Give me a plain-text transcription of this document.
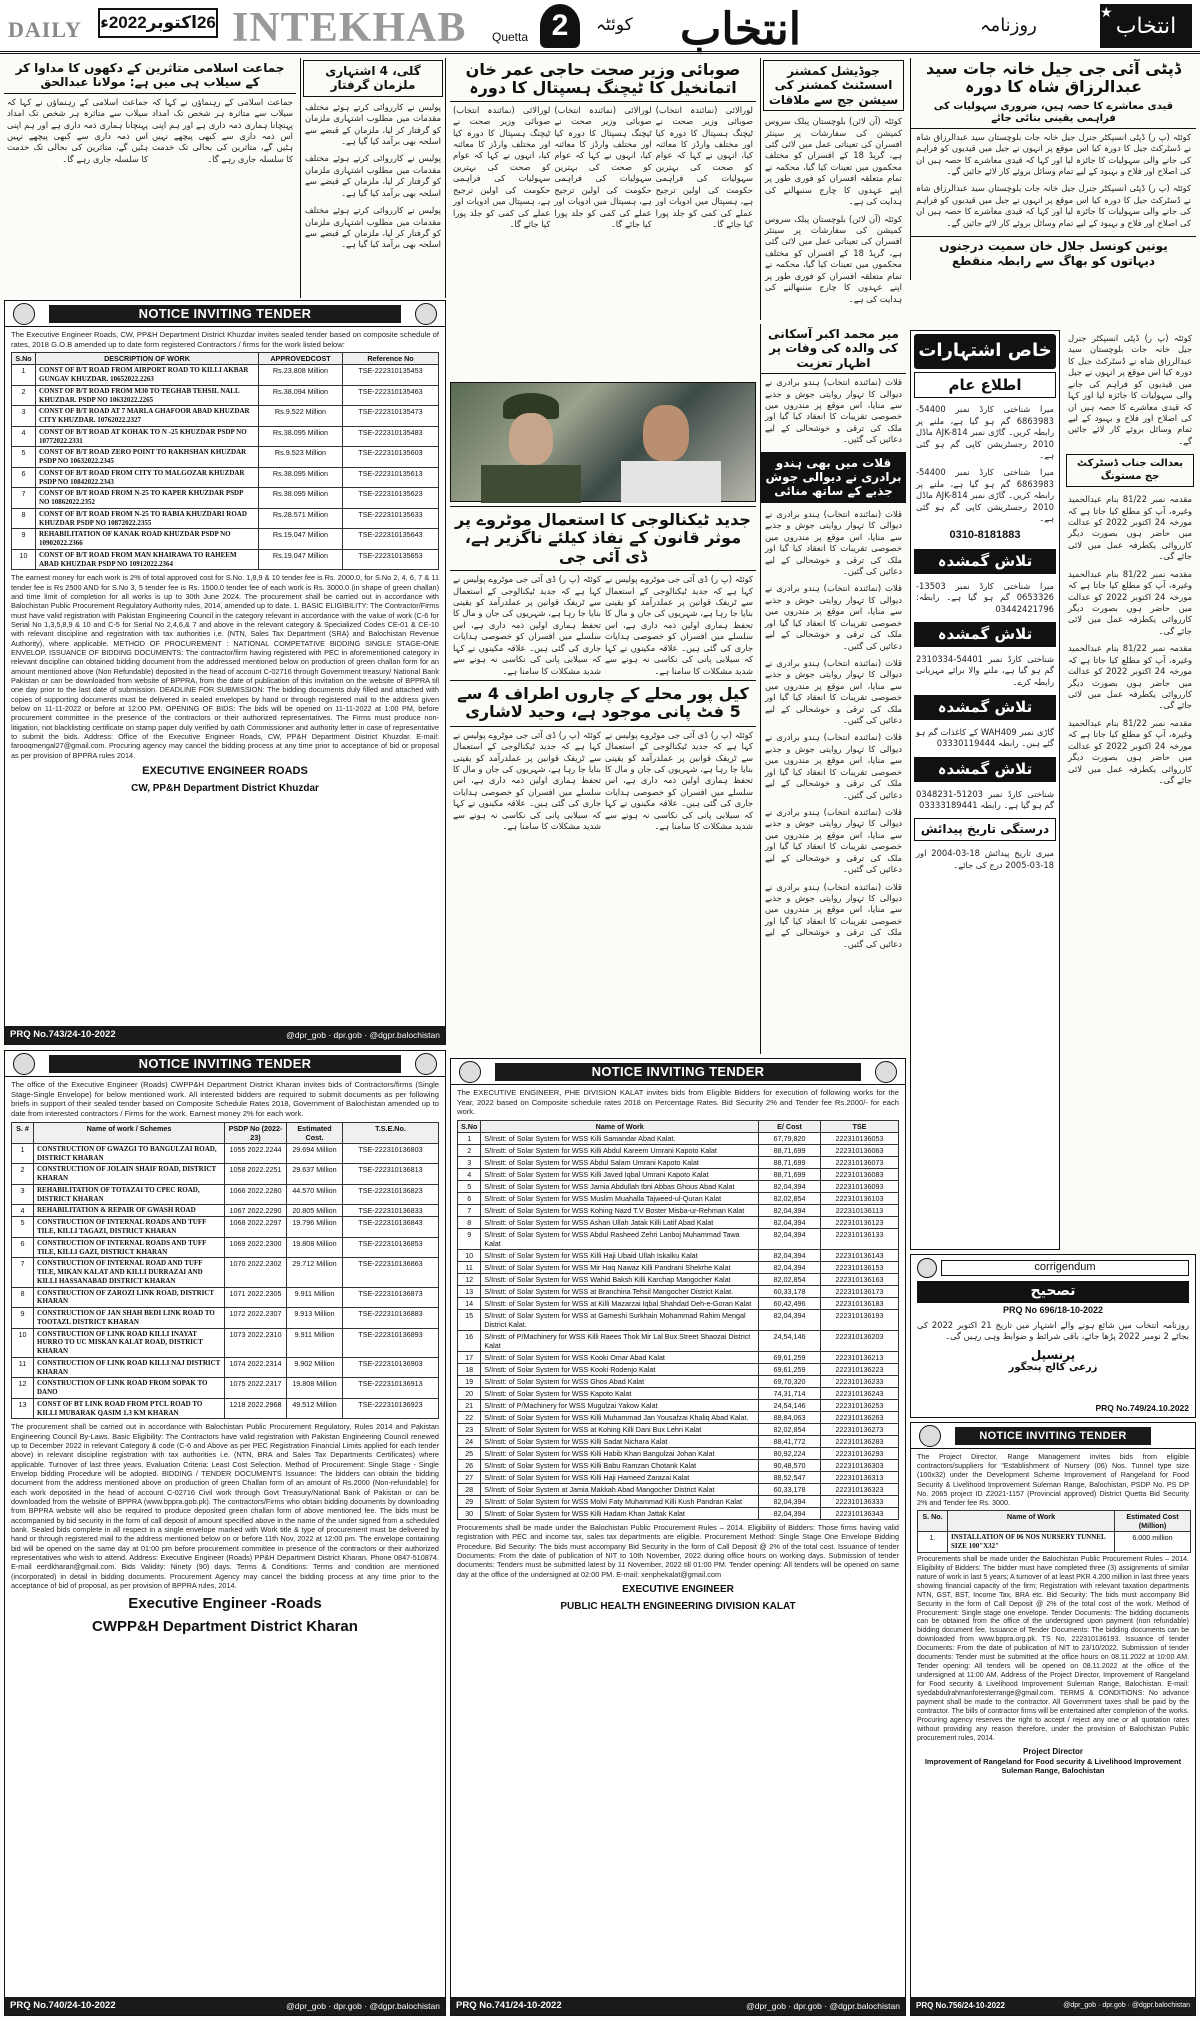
DAILY 26اکتوبر2022ء INTEKHAB Quetta 2	کوئٹہ انتخاب	روزنامہ	انتخاب
★
ڈپٹی آئی جی جیل خانہ جات سید عبدالرزاق شاہ کا دورہ
قیدی معاشرے کا حصہ ہیں، ضروری سہولیات کی فراہمی یقینی بنائی جائے
کوئٹہ (پ ر) ڈپٹی انسپکٹر جنرل جیل خانہ جات بلوچستان سید عبدالرزاق شاہ نے ڈسٹرکٹ جیل کا دورہ کیا اس موقع پر انہوں نے جیل میں قیدیوں کو فراہم کی جانے والی سہولیات کا جائزہ لیا اور کہا کہ قیدی معاشرے کا حصہ ہیں ان کی اصلاح اور فلاح و بہبود کے لیے تمام وسائل بروئے کار لائے جائیں گے۔
کوئٹہ (پ ر) ڈپٹی انسپکٹر جنرل جیل خانہ جات بلوچستان سید عبدالرزاق شاہ نے ڈسٹرکٹ جیل کا دورہ کیا اس موقع پر انہوں نے جیل میں قیدیوں کو فراہم کی جانے والی سہولیات کا جائزہ لیا اور کہا کہ قیدی معاشرے کا حصہ ہیں ان کی اصلاح اور فلاح و بہبود کے لیے تمام وسائل بروئے کار لائے جائیں گے۔
یونین کونسل جلال خان سمیت درجنوں دیہاتوں کو بھاگ سے رابطہ منقطع
جوڈیشل کمشنر اسسٹنٹ کمشنر کی سیشن جج سے ملاقات
کوئٹہ (آن لائن) بلوچستان پبلک سروس کمیشن کی سفارشات پر سینئر افسران کی تعیناتی عمل میں لائی گئی ہے، گریڈ 18 کے افسران کو مختلف محکموں میں تعینات کیا گیا، محکمہ نے تمام متعلقہ افسران کو فوری طور پر اپنے عہدوں کا چارج سنبھالنے کی ہدایت کی ہے۔
کوئٹہ (آن لائن) بلوچستان پبلک سروس کمیشن کی سفارشات پر سینئر افسران کی تعیناتی عمل میں لائی گئی ہے، گریڈ 18 کے افسران کو مختلف محکموں میں تعینات کیا گیا، محکمہ نے تمام متعلقہ افسران کو فوری طور پر اپنے عہدوں کا چارج سنبھالنے کی ہدایت کی ہے۔
صوبائی وزیر صحت حاجی عمر خان اتمانخیل کا ٹیچنگ ہسپتال کا دورہ
لورالائی (نمائندہ انتخاب) صوبائی وزیر صحت نے ٹیچنگ ہسپتال کا دورہ کیا اور مختلف وارڈز کا معائنہ کیا، انہوں نے کہا کہ عوام کو صحت کی بہترین سہولیات کی فراہمی حکومت کی اولین ترجیح ہے، ہسپتال میں ادویات اور عملے کی کمی کو جلد پورا کیا جائے گا۔
لورالائی (نمائندہ انتخاب) صوبائی وزیر صحت نے ٹیچنگ ہسپتال کا دورہ کیا اور مختلف وارڈز کا معائنہ کیا، انہوں نے کہا کہ عوام کو صحت کی بہترین سہولیات کی فراہمی حکومت کی اولین ترجیح ہے، ہسپتال میں ادویات اور عملے کی کمی کو جلد پورا کیا جائے گا۔
لورالائی (نمائندہ انتخاب) صوبائی وزیر صحت نے ٹیچنگ ہسپتال کا دورہ کیا اور مختلف وارڈز کا معائنہ کیا، انہوں نے کہا کہ عوام کو صحت کی بہترین سہولیات کی فراہمی حکومت کی اولین ترجیح ہے، ہسپتال میں ادویات اور عملے کی کمی کو جلد پورا کیا جائے گا۔
گلی، 4 اشتہاری ملزمان گرفتار
پولیس نے کارروائی کرتے ہوئے مختلف مقدمات میں مطلوب اشتہاری ملزمان کو گرفتار کر لیا، ملزمان کے قبضے سے اسلحہ بھی برآمد کیا گیا ہے۔
پولیس نے کارروائی کرتے ہوئے مختلف مقدمات میں مطلوب اشتہاری ملزمان کو گرفتار کر لیا، ملزمان کے قبضے سے اسلحہ بھی برآمد کیا گیا ہے۔
پولیس نے کارروائی کرتے ہوئے مختلف مقدمات میں مطلوب اشتہاری ملزمان کو گرفتار کر لیا، ملزمان کے قبضے سے اسلحہ بھی برآمد کیا گیا ہے۔
جماعت اسلامی متاثرین کے دکھوں کا مداوا کر کے سیلاب ہی میں ہے: مولانا عبدالحق
جماعت اسلامی کے رہنماؤں نے کہا کہ سیلاب سے متاثرہ ہر شخص تک امداد پہنچانا ہماری ذمہ داری ہے اور ہم اپنی اس ذمہ داری سے کبھی پیچھے نہیں ہٹیں گے، متاثرین کی بحالی تک خدمت کا سلسلہ جاری رہے گا۔
جماعت اسلامی کے رہنماؤں نے کہا کہ سیلاب سے متاثرہ ہر شخص تک امداد پہنچانا ہماری ذمہ داری ہے اور ہم اپنی اس ذمہ داری سے کبھی پیچھے نہیں ہٹیں گے، متاثرین کی بحالی تک خدمت کا سلسلہ جاری رہے گا۔
NOTICE INVITING TENDER
The Executive Engineer Roads, CW, PP&H Department District Khuzdar invites sealed tender based on composite schedule of rates, 2018 G.O.B amended up to date form registered Contractors / firms for the work listed below:
S.No	DESCRIPTION OF WORK	APPROVEDCOST	Reference No
1	CONST OF B/T ROAD FROM AIRPORT ROAD TO KILLI AKBAR GUNGAV KHUZDAR. 10652022.2263	Rs.23.808 Million	TSE-222310135453
2	CONST OF B/T ROAD FROM M30 TO TEGHAB TEHSIL NALL KHUZDAR. PSDP NO 10632022.2265	Rs.38.094 Million	TSE-222310135463
3	CONST OF B/T ROAD AT 7 MARLA GHAFOOR ABAD KHUZDAR CITY KHUZDAR. 10762022.2327	Rs.9.522 Million	TSE-222310135473
4	CONST OF B/T ROAD AT KOHAK TO N -25 KHUZDAR PSDP NO 10772022.2331	Rs.38.095 Million	TSE-222310135483
5	CONST OF B/T ROAD ZERO POINT TO RAKHSHAN KHUZDAR PSDP NO 10632022.2345	Rs.9.523 Million	TSE-222310135603
6	CONST OF B/T ROAD FROM CITY TO MALGOZAR KHUZDAR PSDP NO 10842022.2343	Rs.38.095 Million	TSE-222310135613
7	CONST OF B/T ROAD FROM N-25 TO KAPER KHUZDAR PSDP NO 10862022.2352	Rs.38.095 Million	TSE-222310135623
8	CONST OF B/T ROAD FROM N-25 TO RABIA KHUZDARI ROAD KHUZDAR PSDP NO 10872022.2355	Rs.28.571 Million	TSE-222310135633
9	REHABILITATION OF KANAK ROAD KHUZDAR PSDP NO 10902022.2366	Rs.19.047 Million	TSE-222310135643
10	CONST OF B/T ROAD FROM MAN KHAIRAWA TO RAHEEM ABAD KHUZDAR PSDP NO 10912022.2364	Rs.19.047 Million	TSE-222310135653
The earnest money for each work is 2% of total approved cost for S.No. 1,8,9 & 10 tender fee is Rs. 2000.0, for S.No 2, 4, 6, 7 & 11 tender fee is Rs 2500 AND for S.No 3, 5 tender fee is Rs. 1500.0 tender fee of each work is Rs. 3000.0 (in shape of green challan) and time limit of completion for all works is up to 30th June 2024. The procurement shall be carried out in accordance with Balochistan Public Procurement Regulatory Authority rules, 2014, amended up to date. 1. BASIC ELIGIBILITY: The Contractor/Firms must have valid registration with Pakistan Engineering Council in the category relevant in accordance with the value of work (C-6 for Serial No 1,3,5,8,9 & 10 and C-5 for Serial No 2,4,6,& 7 and above in the relevant category & Specialized Codes CE-01 & CE-10 with relevant discipline and registration with tax authorities i.e. (NTN, Sales Tax Department (SRA) and Balochistan Revenue Authority), where applicable. METHOD OF PROCUREMENT : NATIONAL COMPETATIVE BIDDING SINGLE STAGE-ONE ENVELOP. ISSUANCE OF BIDDING DOCUMENTS: The contractor/firm having registered with PEC in aforementioned category in relevant discipline can obtained bidding document from the addressed mentioned below on production of green challan form for an amount mentioned above (Non Refundable) deposited in the head of account C-02716 through Government treasury/ National Bank Pakistan or can be downloaded from website of BPPRA, from the date of publication of this invitation on the website of BPPRA till one day prior to the last date of submission. DEADLINE FOR SUBMISSION: The bidding documents duly filled and attached with copies of supporting documents must be delivered in sealed envelopes by hand or through registered mail to the address given below on 11-11-2022 or before at 12:00 PM. OPENING OF BIDS: The bids will be opened on 11-11-2022 at 1:00 PM, before procurement committee in the presence of the contractors or their authorized representatives. The Firms must produce non-litigation, not blacklisting certificate on stamp paper duly verified by oath Commissioner and authority letter in case of representative to submit the bids. Address: Office of the Executive Engineer Roads, CW, PP&H Department District Khuzdar. E-mail: farooqmengal27@gmail.com. Procuring agency may cancel the bidding process at any time prior to acceptance of bid or proposal as per provision of BPPRA rules 2014.
EXECUTIVE ENGINEER ROADS
CW, PP&H Department District Khuzdar
PRQ No.743/24-10-2022	@dpr_gob · dpr.gob · @dgpr.balochistan
جدید ٹیکنالوجی کا استعمال موٹروے پر موثر قانون کے نفاذ کیلئے ناگزیر ہے، ڈی آئی جی
کوئٹہ (پ ر) ڈی آئی جی موٹروے پولیس نے کہا ہے کہ جدید ٹیکنالوجی کے استعمال سے ٹریفک قوانین پر عملدرآمد کو یقینی بنایا جا رہا ہے، شہریوں کی جان و مال کا تحفظ ہماری اولین ذمہ داری ہے، اس سلسلے میں افسران کو خصوصی ہدایات جاری کی گئی ہیں۔ علاقہ مکینوں نے کہا کہ سیلابی پانی کی نکاسی نہ ہونے سے شدید مشکلات کا سامنا ہے۔
کوئٹہ (پ ر) ڈی آئی جی موٹروے پولیس نے کہا ہے کہ جدید ٹیکنالوجی کے استعمال سے ٹریفک قوانین پر عملدرآمد کو یقینی بنایا جا رہا ہے، شہریوں کی جان و مال کا تحفظ ہماری اولین ذمہ داری ہے، اس سلسلے میں افسران کو خصوصی ہدایات جاری کی گئی ہیں۔ علاقہ مکینوں نے کہا کہ سیلابی پانی کی نکاسی نہ ہونے سے شدید مشکلات کا سامنا ہے۔
کیل پور محلے کے چاروں اطراف 4 سے 5 فٹ پانی موجود ہے، وحید لاشاری
کوئٹہ (پ ر) ڈی آئی جی موٹروے پولیس نے کہا ہے کہ جدید ٹیکنالوجی کے استعمال سے ٹریفک قوانین پر عملدرآمد کو یقینی بنایا جا رہا ہے، شہریوں کی جان و مال کا تحفظ ہماری اولین ذمہ داری ہے، اس سلسلے میں افسران کو خصوصی ہدایات جاری کی گئی ہیں۔ علاقہ مکینوں نے کہا کہ سیلابی پانی کی نکاسی نہ ہونے سے شدید مشکلات کا سامنا ہے۔
کوئٹہ (پ ر) ڈی آئی جی موٹروے پولیس نے کہا ہے کہ جدید ٹیکنالوجی کے استعمال سے ٹریفک قوانین پر عملدرآمد کو یقینی بنایا جا رہا ہے، شہریوں کی جان و مال کا تحفظ ہماری اولین ذمہ داری ہے، اس سلسلے میں افسران کو خصوصی ہدایات جاری کی گئی ہیں۔ علاقہ مکینوں نے کہا کہ سیلابی پانی کی نکاسی نہ ہونے سے شدید مشکلات کا سامنا ہے۔
میر محمد اکبر آسکانی کی والدہ کی وفات پر اظہار تعزیت
قلات (نمائندہ انتخاب) ہندو برادری نے دیوالی کا تہوار روایتی جوش و جذبے سے منایا، اس موقع پر مندروں میں خصوصی تقریبات کا انعقاد کیا گیا اور ملک کی ترقی و خوشحالی کے لیے دعائیں کی گئیں۔
قلات میں بھی ہندو برادری نے دیوالی جوش جذبے کے ساتھ منائی
قلات (نمائندہ انتخاب) ہندو برادری نے دیوالی کا تہوار روایتی جوش و جذبے سے منایا، اس موقع پر مندروں میں خصوصی تقریبات کا انعقاد کیا گیا اور ملک کی ترقی و خوشحالی کے لیے دعائیں کی گئیں۔
قلات (نمائندہ انتخاب) ہندو برادری نے دیوالی کا تہوار روایتی جوش و جذبے سے منایا، اس موقع پر مندروں میں خصوصی تقریبات کا انعقاد کیا گیا اور ملک کی ترقی و خوشحالی کے لیے دعائیں کی گئیں۔
قلات (نمائندہ انتخاب) ہندو برادری نے دیوالی کا تہوار روایتی جوش و جذبے سے منایا، اس موقع پر مندروں میں خصوصی تقریبات کا انعقاد کیا گیا اور ملک کی ترقی و خوشحالی کے لیے دعائیں کی گئیں۔
قلات (نمائندہ انتخاب) ہندو برادری نے دیوالی کا تہوار روایتی جوش و جذبے سے منایا، اس موقع پر مندروں میں خصوصی تقریبات کا انعقاد کیا گیا اور ملک کی ترقی و خوشحالی کے لیے دعائیں کی گئیں۔
قلات (نمائندہ انتخاب) ہندو برادری نے دیوالی کا تہوار روایتی جوش و جذبے سے منایا، اس موقع پر مندروں میں خصوصی تقریبات کا انعقاد کیا گیا اور ملک کی ترقی و خوشحالی کے لیے دعائیں کی گئیں۔
قلات (نمائندہ انتخاب) ہندو برادری نے دیوالی کا تہوار روایتی جوش و جذبے سے منایا، اس موقع پر مندروں میں خصوصی تقریبات کا انعقاد کیا گیا اور ملک کی ترقی و خوشحالی کے لیے دعائیں کی گئیں۔
خاص اشتہارات
اطلاع عام
میرا شناختی کارڈ نمبر 54400-6863983 گم ہو گیا ہے، ملنے پر رابطہ کریں۔ گاڑی نمبر AJK-814 ماڈل 2010 رجسٹریشن کاپی گم ہو گئی ہے۔
میرا شناختی کارڈ نمبر 54400-6863983 گم ہو گیا ہے، ملنے پر رابطہ کریں۔ گاڑی نمبر AJK-814 ماڈل 2010 رجسٹریشن کاپی گم ہو گئی ہے۔
0310-8181883
تلاش گمشدہ
میرا شناختی کارڈ نمبر 13503-0653326 گم ہو گیا ہے۔ رابطہ: 03442421796
تلاش گمشدہ
شناختی کارڈ نمبر 54401-2310334 گم ہو گیا ہے، ملنے والا برائے مہربانی رابطہ کرے۔
تلاش گمشدہ
گاڑی نمبر WAH409 کے کاغذات گم ہو گئے ہیں۔ رابطہ 03330119444
تلاش گمشدہ
شناختی کارڈ نمبر 51203-0348231 گم ہو گیا ہے۔ رابطہ 03333189441
درستگی تاریخ پیدائش
میری تاریخ پیدائش 18-03-2004 اور 18-03-2005 درج کی جائے۔
کوئٹہ (پ ر) ڈپٹی انسپکٹر جنرل جیل خانہ جات بلوچستان سید عبدالرزاق شاہ نے ڈسٹرکٹ جیل کا دورہ کیا اس موقع پر انہوں نے جیل میں قیدیوں کو فراہم کی جانے والی سہولیات کا جائزہ لیا اور کہا کہ قیدی معاشرے کا حصہ ہیں ان کی اصلاح اور فلاح و بہبود کے لیے تمام وسائل بروئے کار لائے جائیں گے۔
بعدالت جناب ڈسٹرکٹ جج مستونگ
مقدمہ نمبر 81/22 بنام عبدالحمید وغیرہ، آپ کو مطلع کیا جاتا ہے کہ مورخہ 24 اکتوبر 2022 کو عدالت میں حاضر ہوں بصورت دیگر کارروائی یکطرفہ عمل میں لائی جائے گی۔
مقدمہ نمبر 81/22 بنام عبدالحمید وغیرہ، آپ کو مطلع کیا جاتا ہے کہ مورخہ 24 اکتوبر 2022 کو عدالت میں حاضر ہوں بصورت دیگر کارروائی یکطرفہ عمل میں لائی جائے گی۔
مقدمہ نمبر 81/22 بنام عبدالحمید وغیرہ، آپ کو مطلع کیا جاتا ہے کہ مورخہ 24 اکتوبر 2022 کو عدالت میں حاضر ہوں بصورت دیگر کارروائی یکطرفہ عمل میں لائی جائے گی۔
مقدمہ نمبر 81/22 بنام عبدالحمید وغیرہ، آپ کو مطلع کیا جاتا ہے کہ مورخہ 24 اکتوبر 2022 کو عدالت میں حاضر ہوں بصورت دیگر کارروائی یکطرفہ عمل میں لائی جائے گی۔
NOTICE INVITING TENDER
The office of the Executive Engineer (Roads) CWPP&H Department District Kharan invites bids of Contractors/firms (Single Stage-Single Envelope) for below mentioned work. All interested bidders are required to submit documents as per following briefs in support of their sealed tender based on Composite Schedule Rates 2018, Government of Balochistan amended up to date from interested contractors / Firms for the work. Earnest money 2% for each work.
S. #	Name of work / Schemes	PSDP No (2022-23)	Estimated Cost.	T.S.E.No.
1	CONSTRUCTION OF GWAZGI TO BANGULZAI ROAD, DISTRICT KHARAN	1055 2022.2244	29.694 Million	TSE-222310136803
2	CONSTRUCTION OF JOLAIN SHAIF ROAD, DISTRICT KHARAN	1058 2022.2251	29.637 Million	TSE-222310136813
3	REHABILITATION OF TOTAZAI TO CPEC ROAD, DISTRICT KHARAN	1066 2022.2280	44.570 Million	TSE-222310136823
4	REHABILITATION & REPAIR OF GWASH ROAD	1067 2022.2290	20.805 Million	TSE-222310136833
5	CONSTRUCTION OF INTERNAL ROADS AND TUFF TILE, KILLI TAGAZI, DISTRICT KHARAN	1068 2022.2297	19.796 Million	TSE-222310136843
6	CONSTRUCTION OF INTERNAL ROADS AND TUFF TILE, KILLI GAZI, DISTRICT KHARAN	1069 2022.2300	19.808 Million	TSE-222310136853
7	CONSTRUCTION OF INTERNAL ROAD AND TUFF TILE, MIKAN KALAT AND KILLI DURRAZAI AND KILLI HASSANABAD DISTRICT KHARAN	1070 2022.2302	29.712 Million	TSE-222310136863
8	CONSTRUCTION OF ZAROZI LINK ROAD, DISTRICT KHARAN	1071 2022.2305	9.911 Million	TSE-222310136873
9	CONSTRUCTION OF JAN SHAH BEDI LINK ROAD TO TOOTAZL DISTRICT KHARAN	1072 2022.2307	9.913 Million	TSE-222310136883
10	CONSTRUCTION OF LINK ROAD KILLI INAYAT HURRO TO UC MISKAN KALAT ROAD, DISTRICT KHARAN	1073 2022.2310	9.911 Million	TSE-222310136893
11	CONSTRUCTION OF LINK ROAD KILLI NAJ DISTRICT KHARAN	1074 2022.2314	9.902 Million	TSE-222310136903
12	CONSTRUCTION OF LINK ROAD FROM SOPAK TO DANO	1075 2022.2317	19.808 Million	TSE-222310136913
13	CONST OF BT LINK ROAD FROM PTCL ROAD TO KILLI MUBARAK QASIM 1.3 KM KHARAN	1218 2022.2968	49.512 Million	TSE-222310136923
The procurement shall be carried out in accordance with Balochistan Public Procurement Regulatory, Rules 2014 and Pakistan Engineering Council By-Laws. Basic Eligibility: The Contractors have valid registration with Pakistan Engineering Council renewed up to December 2022 in relevant Category & code (C-6 and Above as per PEC Registration Financial Limits applied for each tender above) in relevant discipline registration with tax authorities i.e. (NTN, BRA and Sales Tax Departments Certificates) where applicable. Turnover of last three years. Evaluation Criteria: Least Cost Selection. Method of Procurement: Single Stage - Single Envelop bidding Procedure will be adopted. BIDDING / TENDER DOCUMENTS Issuance: The bidders can obtain the bidding document from the address mentioned above on production of green Challan form of an amount of Rs.2000 (Non-refundable) for each work deposited in the head of account C-02716 Civil work through Govt Treasury/National Bank of Pakistan or can be downloaded from the website of BPPRA (www.bppra.gob.pk). The contractors/Firms who obtain bidding documents by downloading from BPPRA website will also be required to produce deposited green challan form of above mentioned fee. The bids must be accompanied by bid security in the form of call deposit of amount specified above in the name of the under signed from a scheduled bank. Sealed bids complete in all respect in a single envelope marked with Work title & type of procurement must be delivered by hand or through registered mail to the address mentioned below on or before 11th Nov, 2022 at 12:00 pm. The envelope containing bid will be opened on the same day at 01:00 pm before procurement committee in presence of the contractors or their authorized representatives who wish to attend. Address: Executive Engineer (Roads) PP&H Department District Kharan. Phone 0847-510874. E-mail eerdkharan@gmail.com. Bids Validity: Ninety (90) days. Terms & Conditions: Terms and condition are mentioned (incorporated) in detail in bidding documents. Procurement Agency may cancel the bidding process at any time prior to the acceptance of bid of proposal, as per provision of BPPRA rules, 2014.
Executive Engineer -Roads
CWPP&H Department District Kharan
PRQ No.740/24-10-2022	@dpr_gob · dpr.gob · @dgpr.balochistan
NOTICE INVITING TENDER
The EXECUTIVE ENGINEER, PHE DIVISION KALAT invites bids from Eligible Bidders for execution of following works for the Year, 2022 based on Composite schedule rates 2018 on Percentage Rates. Bid Security 2% and Tender fee Rs.2000/- for each work.
S.No	Name of Work	E/ Cost	TSE
1	S/Instt: of Solar System for WSS Killi Samandar Abad Kalat.	67,79,820	222310136053
2	S/Instt: of Solar System for WSS Killi Abdul Kareem Umrani Kapoto Kalat	88,71,699	222310136063
3	S/Instt: of Solar System for WSS Abdul Salam Umrani Kapoto Kalat	88,71,699	222310136073
4	S/Instt: of Solar System for WSS Killi Javed Iqbal Umrani Kapoto Kalat	88,71,699	222310136083
5	S/Instt: of Solar System for WSS Jamia Abdullah Ibni Abbas Ghous Abad Kalat	82,04,394	222310136093
6	S/Instt: of Solar System for WSS Muslim Muahalla Tajweed-ul-Quran Kalat	82,02,854	222310136103
7	S/Instt: of Solar System for WSS Kohing Nazd T.V Boster Misba-ur-Rehman Kalat	82,04,394	222310136113
8	S/Instt: of Solar System for WSS Ashan Ullah Jatak Killi Latif Abad Kalat	82,04,394	222310136123
9	S/Instt: of Solar System for WSS Abdul Rasheed Zehri Lanboj Muhammad Tawa Kalat	82,04,394	222310136133
10	S/Instt: of Solar System for WSS Killi Haji Ubaid Ullah Iskalku Kalat	82,04,394	222310136143
11	S/Instt: of Solar System for WSS Mir Haq Nawaz Killi Pandrani Shekrhe Kalat	82,04,394	222310136153
12	S/Instt: of Solar System for WSS Wahid Baksh Killi Karchap Mangocher Kalat	82,02,854	222310136163
13	S/Instt: of Solar System for WSS at Branchina Tehsil Mangocher District Kalat.	60,33,178	222310136173
14	S/Instt: of Solar System for WSS at Killi Mazarzai Iqbal Shahdad Deh-e-Goran Kalat	60,42,496	222310136183
15	S/Instt: of Solar System for WSS at Gameshi Surkhain Mohammad Rahim Mengal District Kalat.	82,04,394	222310136193
16	S/Instt: of P/Machinery for WSS Killi Raees Thok Mir Lal Bux Street Shaozai District Kalat	24,54,146	222310136203
17	S/Instt: of Solar System for WSS Kooki Omar Abad Kalat	69,61,259	222310136213
18	S/Instt: of Solar System for WSS Kooki Rodenjo Kalat	69,61,259	222310136223
19	S/Instt: of Solar System for WSS Ghos Abad Kalat	69,70,320	222310136233
20	S/Instt: of Solar System for WSS Kapoto Kalat	74,31,714	222310136243
21	S/Instt: of P/Machinery for WSS Mugulzai Yakow Kalat	24,54,146	222310136253
22	S/Instt: of Solar System for WSS Killi Muhammad Jan Yousafzai Khaliq Abad Kalat.	88,84,063	222310136263
23	S/Instt: of Solar System for WSS at Kohing Killi Dani Bux Lehri Kalat	82,02,854	222310136273
24	S/Instt: of Solar System for WSS Killi Sadat Nichara Kalat	88,41,772	222310136283
25	S/Instt: of Solar System for WSS Killi Habib Khan Bangulzai Johan Kalat	80,92,224	222310136293
26	S/Instt: of Solar System for WSS Killi Babu Ramzan Chotank Kalat	90,48,570	222310136303
27	S/Instt: of Solar System for WSS Killi Haji Hameed Zarazai Kalat	88,52,547	222310136313
28	S/Instt: of Solar System at Jamia Makkah Abad Mangocher District Kalat	60,33,178	222310136323
29	S/Instt: of Solar System for WSS Molvi Faty Muhammad Killi Kush Pandran Kalat	82,04,394	222310136333
30	S/Instt: of Solar System for WSS Killi Hadam Khan Jattak Kalat	82,04,394	222310136343
Procurements shall be made under the Balochistan Public Procurement Rules – 2014. Eligibility of Bidders: Those firms having valid registration with PEC and income tax, sales tax departments are eligible. Procurement Method: Single Stage One Envelope Bidding Procedure. Bid Security: The bids must accompany Bid Security in the form of Call Deposit @ 2% of the total cost. Issuance of tender Documents: From the date of publication of NIT to 10th November, 2022 during office hours on working days. Submission of tender documents: Tenders must be submitted latest by 11 November, 2022 till 01:00 PM. Tender opening: All tenders will be opened on same day at the office of the undersigned at 02:00 PM. E-mail: xenphekalat@gmail.com
EXECUTIVE ENGINEER
PUBLIC HEALTH ENGINEERING DIVISION KALAT
PRQ No.741/24-10-2022	@dpr_gob · dpr.gob · @dgpr.balochistan
corrigendum
تصحیح
PRQ No 696/18-10-2022
روزنامہ انتخاب میں شائع ہونے والے اشتہار میں تاریخ 21 اکتوبر 2022 کی بجائے 2 نومبر 2022 پڑھا جائے، باقی شرائط و ضوابط وہی رہیں گی۔
پرنسپل
زرعی کالج پنجگور
PRQ No.749/24.10.2022
NOTICE INVITING TENDER
The Project Director, Range Management invites bids from eligible contractors/suppliers for "Establishment of Nursery (06) Nos. Tunnel type size (100x32) under the Development Scheme Improvement of Rangeland for Food Security & Livelihood Improvement Suleman Range, Balochistan, PSDP No. PS DP No. 2065 project ID Z2021-1157 (Provincial approved) District Quetta Bid Security 2% and Tender fee Rs. 3000.
S. No.	Name of Work	Estimated Cost (Million)
1.	INSTALLATION OF 06 NOS NURSERY TUNNEL SIZE 100"X32"	6.000 million
Procurements shall be made under the Balochistan Public Procurement Rules – 2014. Eligibility of Bidders: The bidder must have completed three (3) assignments of similar nature of work in last 5 years; A turnover of at least PKR 4.200 million in last three years showing financial capacity of the firm; Registration with relevant taxation departments NTN, GST, BST, Income Tax, BRA etc. Bid Security: The bids must accompany Bid Security in the form of Call Deposit @ 2% of the total cost of the work. Method of Procurement: Single stage one envelope. Tender Documents: The bidding documents can be obtained from the office of the undersigned upon payment (non refundable) bidding document fee. Issuance of Tender Documents: The bidding documents can be downloaded from www.bppra.org.pk. TS No. 222310136193. Issuance of tender Documents: From the date of publication of NIT to 23/10/2022. Submission of tender documents: Tender must be submitted at the office hours on 08.11.2022 at 10:00 AM. Tender opening: All tenders will be opened on 08.11.2022 at the office of the undersigned at 11:00 AM. Address of the Project Director, Improvement of Rangeland for Food security & Livelihood Improvement Suleman Range, Balochistan. E-mail: syedabdulrahmanforesterrange@gmail.com. TERMS & CONDITIONS: No advance payment shall be made to the contractor. All Government taxes shall be paid by the contractor. The bills of contractor firms will be entertained after completion of the works. Procuring agency reserves the right to accept / reject any one or all quotation rates without providing any reason therefore, under the provision of Balochistan Public procurement rules, 2014.
Project Director
Improvement of Rangeland for Food security & Livelihood Improvement Suleman Range, Balochistan
PRQ No.756/24-10-2022	@dpr_gob · dpr.gob · @dgpr.balochistan
